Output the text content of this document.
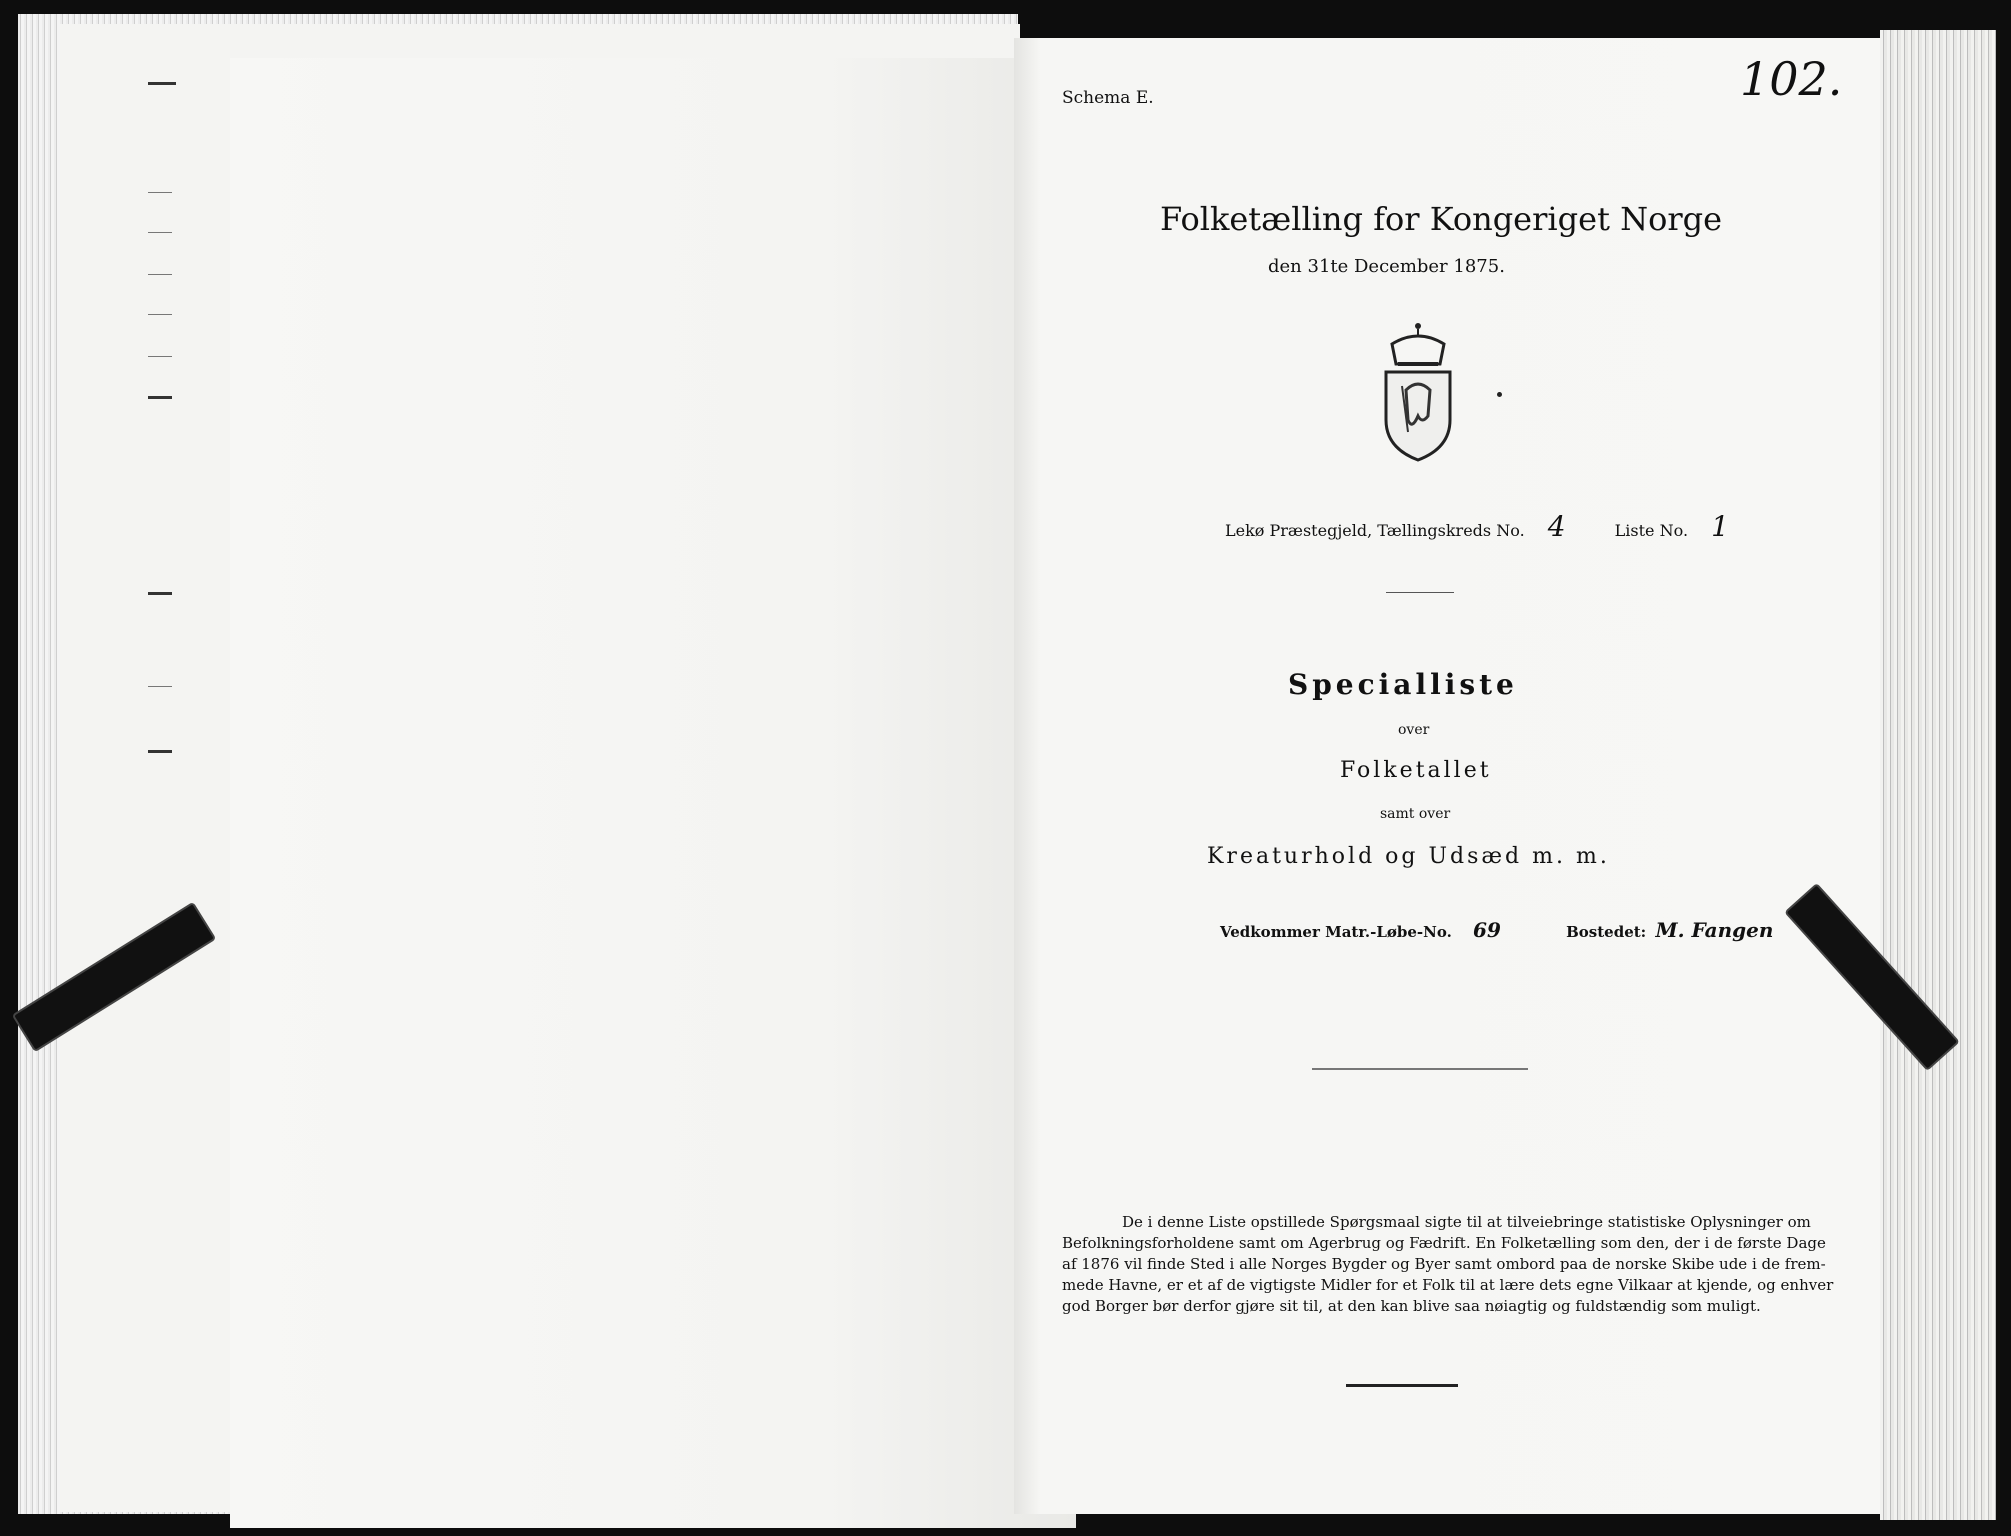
Schema E.	102.
Folketælling for Kongeriget Norge
den 31te December 1875.
Lekø Præstegjeld, Tællingskreds No. 4	Liste No. 1
Specialliste
over
Folketallet
samt over
Kreaturhold og Udsæd m. m.
Vedkommer Matr.-Løbe-No. 69	Bostedet: M. Fangen
De i denne Liste opstillede Spørgsmaal sigte til at tilveiebringe statistiske Oplysninger om
Befolkningsforholdene samt om Agerbrug og Fædrift. En Folketælling som den, der i de første Dage
af 1876 vil finde Sted i alle Norges Bygder og Byer samt ombord paa de norske Skibe ude i de frem-
mede Havne, er et af de vigtigste Midler for et Folk til at lære dets egne Vilkaar at kjende, og enhver
god Borger bør derfor gjøre sit til, at den kan blive saa nøiagtig og fuldstændig som muligt.
